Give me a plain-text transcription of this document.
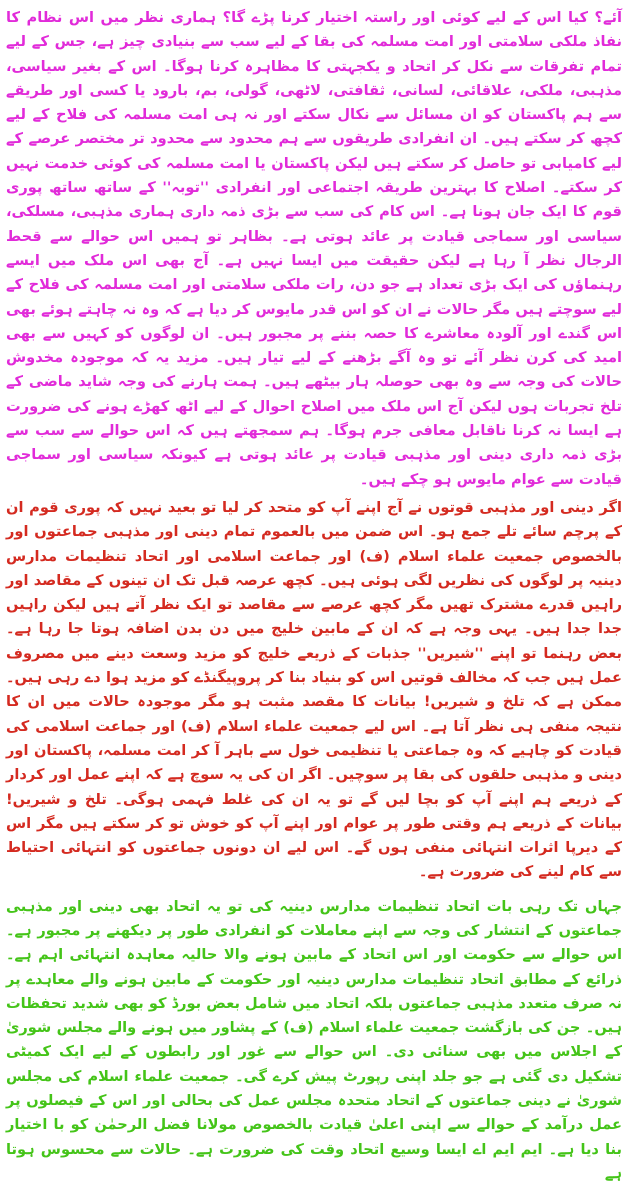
آئے؟ کیا اس کے لیے کوئی اور راستہ اختیار کرنا پڑے گا؟ ہماری نظر میں اس نظام کا نفاذ ملکی سلامتی اور امت مسلمہ کی بقا کے لیے سب سے بنیادی چیز ہے، جس کے لیے تمام تفرقات سے نکل کر اتحاد و یکجہتی کا مظاہرہ کرنا ہوگا۔ اس کے بغیر سیاسی، مذہبی، ملکی، علاقائی، لسانی، ثقافتی، لاٹھی، گولی، بم، بارود یا کسی اور طریقے سے ہم پاکستان کو ان مسائل سے نکال سکتے اور نہ ہی امت مسلمہ کی فلاح کے لیے کچھ کر سکتے ہیں۔ ان انفرادی طریقوں سے ہم محدود سے محدود تر مختصر عرصے کے لیے کامیابی تو حاصل کر سکتے ہیں لیکن پاکستان یا امت مسلمہ کی کوئی خدمت نہیں کر سکتے۔ اصلاح کا بہترین طریقہ اجتماعی اور انفرادی ''توبہ'' کے ساتھ ساتھ پوری قوم کا ایک جان ہونا ہے۔ اس کام کی سب سے بڑی ذمہ داری ہماری مذہبی، مسلکی، سیاسی اور سماجی قیادت پر عائد ہوتی ہے۔ بظاہر تو ہمیں اس حوالے سے قحط الرجال نظر آ رہا ہے لیکن حقیقت میں ایسا نہیں ہے۔ آج بھی اس ملک میں ایسے رہنماؤں کی ایک بڑی تعداد ہے جو دن، رات ملکی سلامتی اور امت مسلمہ کی فلاح کے لیے سوچتے ہیں مگر حالات نے ان کو اس قدر مایوس کر دیا ہے کہ وہ نہ چاہتے ہوئے بھی اس گندے اور آلودہ معاشرے کا حصہ بننے پر مجبور ہیں۔ ان لوگوں کو کہیں سے بھی امید کی کرن نظر آئے تو وہ آگے بڑھنے کے لیے تیار ہیں۔ مزید یہ کہ موجودہ مخدوش حالات کی وجہ سے وہ بھی حوصلہ ہار بیٹھے ہیں۔ ہمت ہارنے کی وجہ شاید ماضی کے تلخ تجربات ہوں لیکن آج اس ملک میں اصلاح احوال کے لیے اٹھ کھڑے ہونے کی ضرورت ہے ایسا نہ کرنا ناقابل معافی جرم ہوگا۔ ہم سمجھتے ہیں کہ اس حوالے سے سب سے بڑی ذمہ داری دینی اور مذہبی قیادت پر عائد ہوتی ہے کیونکہ سیاسی اور سماجی قیادت سے عوام مایوس ہو چکے ہیں۔

اگر دینی اور مذہبی قوتوں نے آج اپنے آپ کو متحد کر لیا تو بعید نہیں کہ پوری قوم ان کے پرچم سائے تلے جمع ہو۔ اس ضمن میں بالعموم تمام دینی اور مذہبی جماعتوں اور بالخصوص جمعیت علماء اسلام (ف) اور جماعت اسلامی اور اتحاد تنظیمات مدارس دینیہ پر لوگوں کی نظریں لگی ہوئی ہیں۔ کچھ عرصہ قبل تک ان تینوں کے مقاصد اور راہیں قدرے مشترک تھیں مگر کچھ عرصے سے مقاصد تو ایک نظر آتے ہیں لیکن راہیں جدا جدا ہیں۔ یہی وجہ ہے کہ ان کے مابین خلیج میں دن بدن اضافہ ہوتا جا رہا ہے۔ بعض رہنما تو اپنے ''شیریں'' جذبات کے ذریعے خلیج کو مزید وسعت دینے میں مصروف عمل ہیں جب کہ مخالف قوتیں اس کو بنیاد بنا کر پروپیگنڈے کو مزید ہوا دے رہی ہیں۔ ممکن ہے کہ تلخ و شیریں! بیانات کا مقصد مثبت ہو مگر موجودہ حالات میں ان کا نتیجہ منفی ہی نظر آتا ہے۔ اس لیے جمعیت علماء اسلام (ف) اور جماعت اسلامی کی قیادت کو چاہیے کہ وہ جماعتی یا تنظیمی خول سے باہر آ کر امت مسلمہ، پاکستان اور دینی و مذہبی حلقوں کی بقا پر سوچیں۔ اگر ان کی یہ سوچ ہے کہ اپنے عمل اور کردار کے ذریعے ہم اپنے آپ کو بچا لیں گے تو یہ ان کی غلط فہمی ہوگی۔ تلخ و شیریں! بیانات کے ذریعے ہم وقتی طور پر عوام اور اپنے آپ کو خوش تو کر سکتے ہیں مگر اس کے دیرپا اثرات انتہائی منفی ہوں گے۔ اس لیے ان دونوں جماعتوں کو انتہائی احتیاط سے کام لینے کی ضرورت ہے۔

جہاں تک رہی بات اتحاد تنظیمات مدارس دینیہ کی تو یہ اتحاد بھی دینی اور مذہبی جماعتوں کے انتشار کی وجہ سے اپنے معاملات کو انفرادی طور پر دیکھنے پر مجبور ہے۔ اس حوالے سے حکومت اور اس اتحاد کے مابین ہونے والا حالیہ معاہدہ انتہائی اہم ہے۔ ذرائع کے مطابق اتحاد تنظیمات مدارس دینیہ اور حکومت کے مابین ہونے والے معاہدے پر نہ صرف متعدد مذہبی جماعتوں بلکہ اتحاد میں شامل بعض بورڈ کو بھی شدید تحفظات ہیں۔ جن کی بازگشت جمعیت علماء اسلام (ف) کے پشاور میں ہونے والے مجلس شوریٰ کے اجلاس میں بھی سنائی دی۔ اس حوالے سے غور اور رابطوں کے لیے ایک کمیٹی تشکیل دی گئی ہے جو جلد اپنی رپورٹ پیش کرے گی۔ جمعیت علماء اسلام کی مجلس شوریٰ نے دینی جماعتوں کے اتحاد متحدہ مجلس عمل کی بحالی اور اس کے فیصلوں پر عمل درآمد کے حوالے سے اپنی اعلیٰ قیادت بالخصوص مولانا فضل الرحمٰن کو با اختیار بنا دیا ہے۔ ایم ایم اے ایسا وسیع اتحاد وقت کی ضرورت ہے۔ حالات سے محسوس ہوتا ہے
